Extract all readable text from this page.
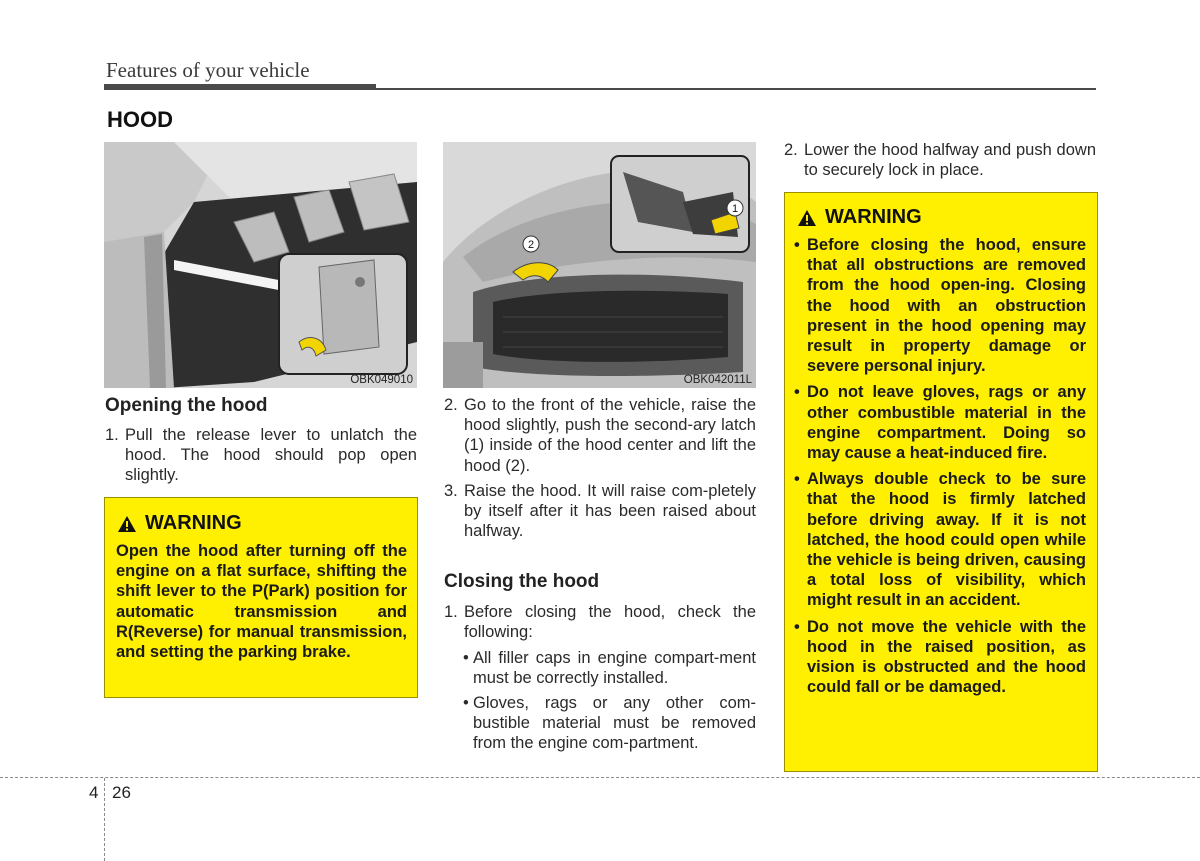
Features of your vehicle
HOOD
OBK049010
1
2
OBK042011L
Opening the hood
1. Pull the release lever to unlatch the hood. The hood should pop open slightly.
WARNING
Open the hood after turning off the engine on a flat surface, shifting the shift lever to the P(Park) position for automatic transmission and R(Reverse) for manual transmission, and setting the parking brake.
2. Go to the front of the vehicle, raise the hood slightly, push the second-ary latch (1) inside of the hood center and lift the hood (2).
3. Raise the hood. It will raise com-pletely by itself after it has been raised about halfway.
Closing the hood
1. Before closing the hood, check the following:
• All filler caps in engine compart-ment must be correctly installed.
• Gloves, rags or any other com-bustible material must be removed from the engine com-partment.
2. Lower the hood halfway and push down to securely lock in place.
WARNING
• Before closing the hood, ensure that all obstructions are removed from the hood open-ing. Closing the hood with an obstruction present in the hood opening may result in property damage or severe personal injury.
• Do not leave gloves, rags or any other combustible material in the engine compartment. Doing so may cause a heat-induced fire.
• Always double check to be sure that the hood is firmly latched before driving away. If it is not latched, the hood could open while the vehicle is being driven, causing a total loss of visibility, which might result in an accident.
• Do not move the vehicle with the hood in the raised position, as vision is obstructed and the hood could fall or be damaged.
4 26
